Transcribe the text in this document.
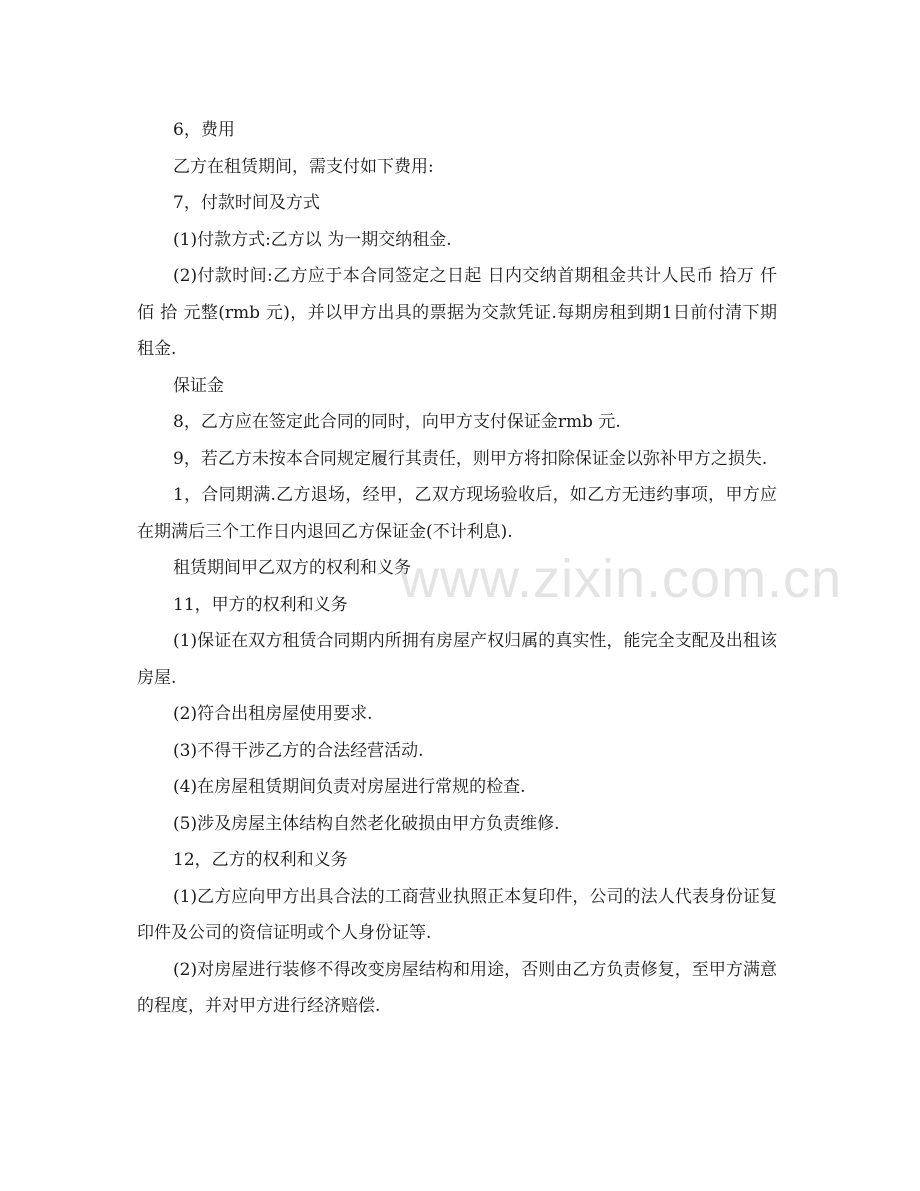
6，费用

乙方在租赁期间，需支付如下费用:

7，付款时间及方式

(1)付款方式:乙方以 为一期交纳租金.

(2)付款时间:乙方应于本合同签定之日起 日内交纳首期租金共计人民币 拾万 仟 佰 拾 元整(rmb 元)，并以甲方出具的票据为交款凭证.每期房租到期1日前付清下期租金.

保证金

8，乙方应在签定此合同的同时，向甲方支付保证金rmb 元.

9，若乙方未按本合同规定履行其责任，则甲方将扣除保证金以弥补甲方之损失.

1，合同期满.乙方退场，经甲，乙双方现场验收后，如乙方无违约事项，甲方应在期满后三个工作日内退回乙方保证金(不计利息).

租赁期间甲乙双方的权利和义务

11，甲方的权利和义务

(1)保证在双方租赁合同期内所拥有房屋产权归属的真实性，能完全支配及出租该房屋.

(2)符合出租房屋使用要求.

(3)不得干涉乙方的合法经营活动.

(4)在房屋租赁期间负责对房屋进行常规的检查.

(5)涉及房屋主体结构自然老化破损由甲方负责维修.

12，乙方的权利和义务

(1)乙方应向甲方出具合法的工商营业执照正本复印件，公司的法人代表身份证复印件及公司的资信证明或个人身份证等.

(2)对房屋进行装修不得改变房屋结构和用途，否则由乙方负责修复，至甲方满意的程度，并对甲方进行经济赔偿.

www.zixin.com.cn
